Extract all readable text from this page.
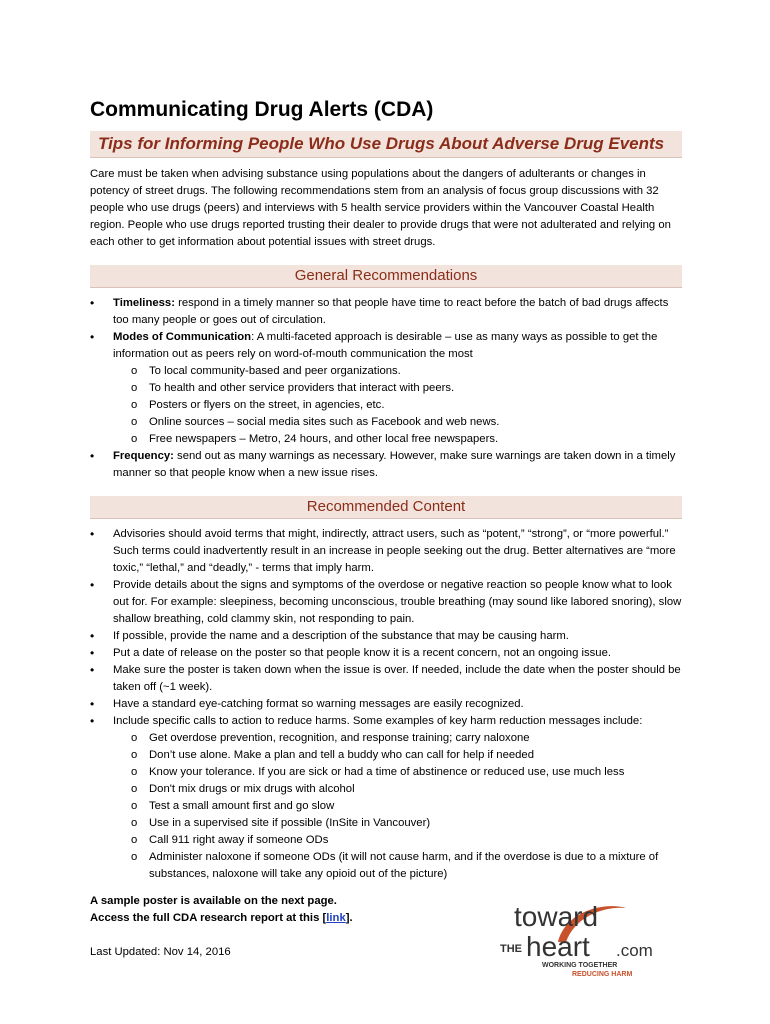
Communicating Drug Alerts (CDA)
Tips for Informing People Who Use Drugs About Adverse Drug Events
Care must be taken when advising substance using populations about the dangers of adulterants or changes in potency of street drugs. The following recommendations stem from an analysis of focus group discussions with 32 people who use drugs (peers) and interviews with 5 health service providers within the Vancouver Coastal Health region. People who use drugs reported trusting their dealer to provide drugs that were not adulterated and relying on each other to get information about potential issues with street drugs.
General Recommendations
• Timeliness: respond in a timely manner so that people have time to react before the batch of bad drugs affects too many people or goes out of circulation.
• Modes of Communication: A multi-faceted approach is desirable – use as many ways as possible to get the information out as peers rely on word-of-mouth communication the most
o To local community-based and peer organizations.
o To health and other service providers that interact with peers.
o Posters or flyers on the street, in agencies, etc.
o Online sources – social media sites such as Facebook and web news.
o Free newspapers – Metro, 24 hours, and other local free newspapers.
• Frequency: send out as many warnings as necessary. However, make sure warnings are taken down in a timely manner so that people know when a new issue rises.
Recommended Content
• Advisories should avoid terms that might, indirectly, attract users, such as “potent,” “strong”, or “more powerful.” Such terms could inadvertently result in an increase in people seeking out the drug. Better alternatives are “more toxic,” “lethal,” and “deadly,” - terms that imply harm.
• Provide details about the signs and symptoms of the overdose or negative reaction so people know what to look out for. For example: sleepiness, becoming unconscious, trouble breathing (may sound like labored snoring), slow shallow breathing, cold clammy skin, not responding to pain.
• If possible, provide the name and a description of the substance that may be causing harm.
• Put a date of release on the poster so that people know it is a recent concern, not an ongoing issue.
• Make sure the poster is taken down when the issue is over. If needed, include the date when the poster should be taken off (~1 week).
• Have a standard eye-catching format so warning messages are easily recognized.
• Include specific calls to action to reduce harms. Some examples of key harm reduction messages include:
o Get overdose prevention, recognition, and response training; carry naloxone
o Don’t use alone. Make a plan and tell a buddy who can call for help if needed
o Know your tolerance. If you are sick or had a time of abstinence or reduced use, use much less
o Don't mix drugs or mix drugs with alcohol
o Test a small amount first and go slow
o Use in a supervised site if possible (InSite in Vancouver)
o Call 911 right away if someone ODs
o Administer naloxone if someone ODs (it will not cause harm, and if the overdose is due to a mixture of substances, naloxone will take any opioid out of the picture)
A sample poster is available on the next page.
Access the full CDA research report at this [link].
Last Updated: Nov 14, 2016
toward
THE heart .com
WORKING TOGETHER
REDUCING HARM
